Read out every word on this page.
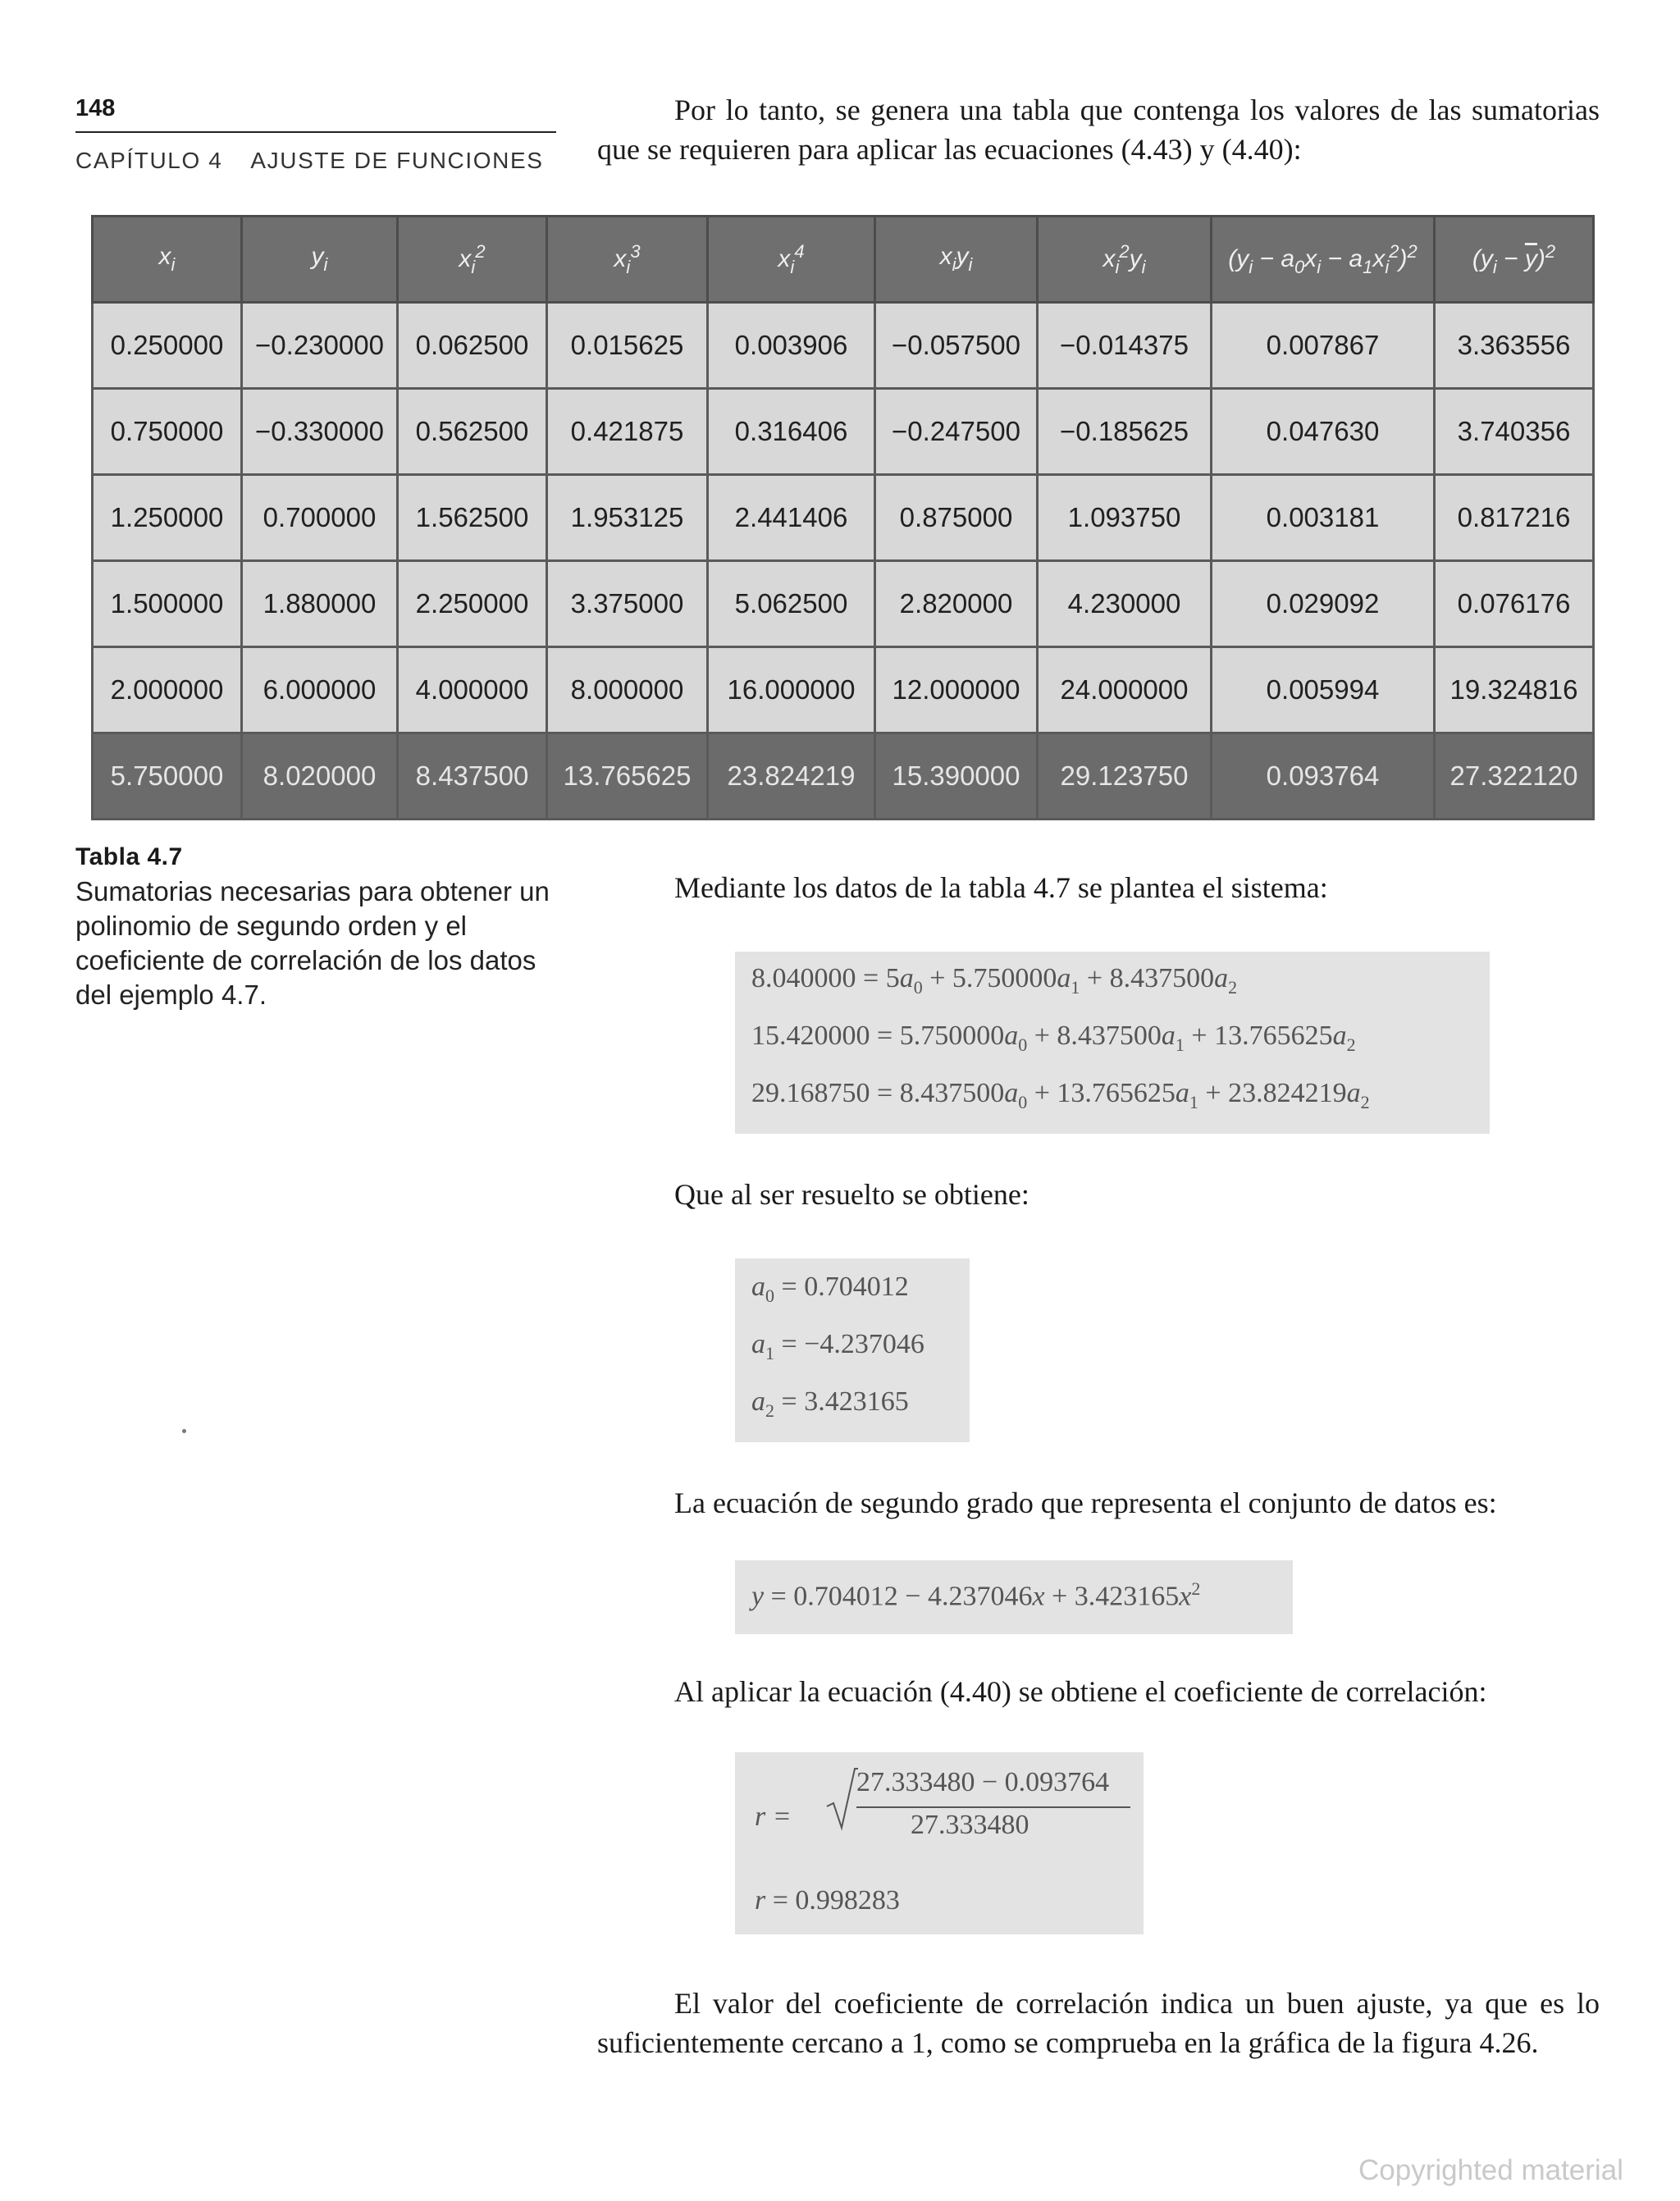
148
CAPÍTULO 4 AJUSTE DE FUNCIONES
Por lo tanto, se genera una tabla que contenga los valores de las sumatorias que se requieren para aplicar las ecuaciones (4.43) y (4.40):
$x_i$	$y_i$	$x_i^2$	$x_i^3$	$x_i^4$	$x_iy_i$	$x_i^2y_i$	$(y_i - a_0x_i - a_1x_i^2)^2$	$(y_i - \overline{y})^2$
0.250000	−0.230000	0.062500	0.015625	0.003906	−0.057500	−0.014375	0.007867	3.363556
0.750000	−0.330000	0.562500	0.421875	0.316406	−0.247500	−0.185625	0.047630	3.740356
1.250000	0.700000	1.562500	1.953125	2.441406	0.875000	1.093750	0.003181	0.817216
1.500000	1.880000	2.250000	3.375000	5.062500	2.820000	4.230000	0.029092	0.076176
2.000000	6.000000	4.000000	8.000000	16.000000	12.000000	24.000000	0.005994	19.324816
5.750000	8.020000	8.437500	13.765625	23.824219	15.390000	29.123750	0.093764	27.322120
Tabla 4.7
Sumatorias necesarias para obtener un polinomio de segundo orden y el coeficiente de correlación de los datos del ejemplo 4.7.
Mediante los datos de la tabla 4.7 se plantea el sistema:
$8.040000 = 5a_0 + 5.750000a_1 + 8.437500a_2$
$15.420000 = 5.750000a_0 + 8.437500a_1 + 13.765625a_2$
$29.168750 = 8.437500a_0 + 13.765625a_1 + 23.824219a_2$
Que al ser resuelto se obtiene:
$a_0 = 0.704012$
$a_1 = -4.237046$
$a_2 = 3.423165$
La ecuación de segundo grado que representa el conjunto de datos es:
$y = 0.704012 - 4.237046x + 3.423165x^2$
Al aplicar la ecuación (4.40) se obtiene el coeficiente de correlación:
r =
27.333480 − 0.093764
27.333480
r = 0.998283
El valor del coeficiente de correlación indica un buen ajuste, ya que es lo suficientemente cercano a 1, como se comprueba en la gráfica de la figura 4.26.
Copyrighted material
